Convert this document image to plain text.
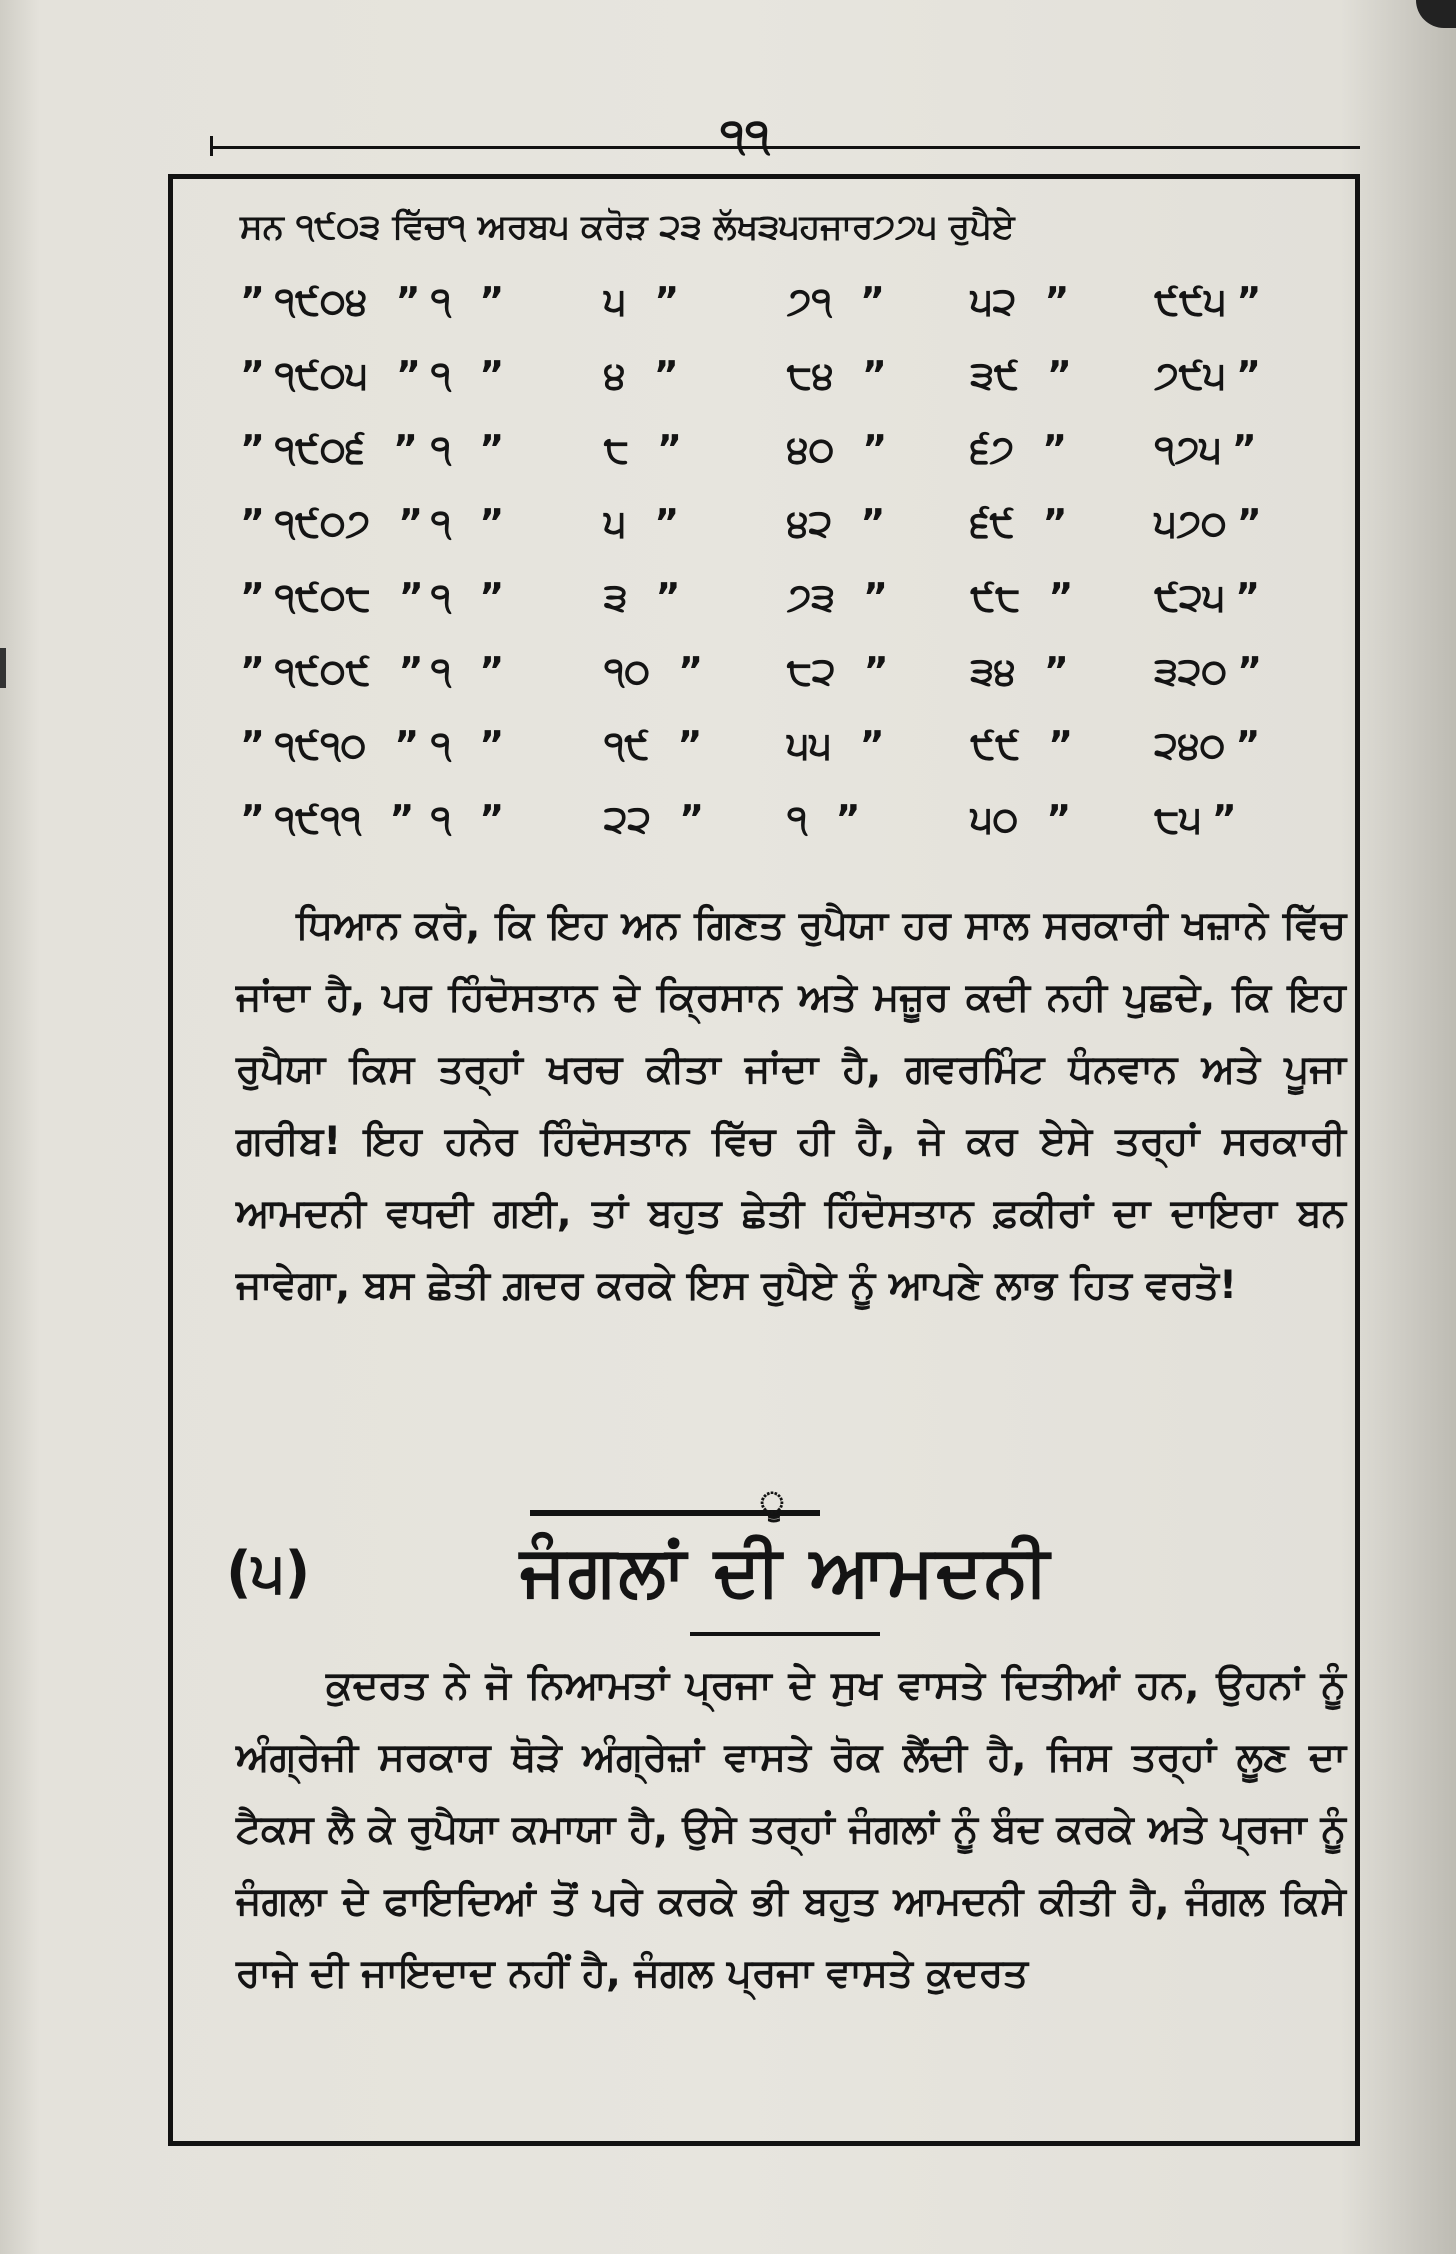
੧੧
ਸਨ ੧੯੦੩ ਵਿੱਚ੧ ਅਰਬ੫ ਕਰੋੜ ੨੩ ਲੱਖ੩੫ਹਜਾਰ੭੭੫ ਰੁਪੈਏ						
”	੧੯੦੪ ”	੧ ”	੫ ”	੭੧ ”	੫੨ ”	੯੯੫ ”
”	੧੯੦੫ ”	੧ ”	੪ ”	੮੪ ”	੩੯ ”	੭੯੫ ”
”	੧੯੦੬ ”	੧ ”	੮ ”	੪੦ ”	੬੭ ”	੧੭੫ ”
”	੧੯੦੭ ”	੧ ”	੫ ”	੪੨ ”	੬੯ ”	੫੭੦ ”
”	੧੯੦੮ ”	੧ ”	੩ ”	੭੩ ”	੯੮ ”	੯੨੫ ”
”	੧੯੦੯ ”	੧ ”	੧੦ ”	੮੨ ”	੩੪ ”	੩੨੦ ”
”	੧੯੧੦ ”	੧ ”	੧੯ ”	੫੫ ”	੯੯ ”	੨੪੦ ”
”	੧੯੧੧ ”	੧ ”	੨੨ ”	੧ ”	੫੦ ”	੮੫ ”

ਧਿਆਨ ਕਰੋ, ਕਿ ਇਹ ਅਨ ਗਿਣਤ ਰੁਪੈਯਾ ਹਰ ਸਾਲ ਸਰਕਾਰੀ ਖਜ਼ਾਨੇ ਵਿੱਚ ਜਾਂਦਾ ਹੈ, ਪਰ ਹਿੰਦੋਸਤਾਨ ਦੇ ਕ੍ਰਿਸਾਨ ਅਤੇ ਮਜ਼ੂਰ ਕਦੀ ਨਹੀ ਪੁਛਦੇ, ਕਿ ਇਹ ਰੁਪੈਯਾ ਕਿਸ ਤਰ੍ਹਾਂ ਖਰਚ ਕੀਤਾ ਜਾਂਦਾ ਹੈ, ਗਵਰਮਿੰਟ ਧੰਨਵਾਨ ਅਤੇ ਪੂਜਾ ਗਰੀਬ! ਇਹ ਹਨੇਰ ਹਿੰਦੋਸਤਾਨ ਵਿੱਚ ਹੀ ਹੈ, ਜੇ ਕਰ ਏਸੇ ਤਰ੍ਹਾਂ ਸਰਕਾਰੀ ਆਮਦਨੀ ਵਧਦੀ ਗਈ, ਤਾਂ ਬਹੁਤ ਛੇਤੀ ਹਿੰਦੋਸਤਾਨ ਫ਼ਕੀਰਾਂ ਦਾ ਦਾਇਰਾ ਬਨ ਜਾਵੇਗਾ, ਬਸ ਛੇਤੀ ਗ਼ਦਰ ਕਰਕੇ ਇਸ ਰੁਪੈਏ ਨੂੰ ਆਪਣੇ ਲਾਭ ਹਿਤ ਵਰਤੋ!

ੂ
(੫)	ਜੰਗਲਾਂ ਦੀ ਆਮਦਨੀ

ਕੁਦਰਤ ਨੇ ਜੋ ਨਿਆਮਤਾਂ ਪ੍ਰਜਾ ਦੇ ਸੁਖ ਵਾਸਤੇ ਦਿਤੀਆਂ ਹਨ, ਉਹਨਾਂ ਨੂੰ ਅੰਗ੍ਰੇਜੀ ਸਰਕਾਰ ਥੋੜੇ ਅੰਗ੍ਰੇਜ਼ਾਂ ਵਾਸਤੇ ਰੋਕ ਲੈਂਦੀ ਹੈ, ਜਿਸ ਤਰ੍ਹਾਂ ਲੂਣ ਦਾ ਟੈਕਸ ਲੈ ਕੇ ਰੁਪੈਯਾ ਕਮਾਯਾ ਹੈ, ਉਸੇ ਤਰ੍ਹਾਂ ਜੰਗਲਾਂ ਨੂੰ ਬੰਦ ਕਰਕੇ ਅਤੇ ਪ੍ਰਜਾ ਨੂੰ ਜੰਗਲਾ ਦੇ ਫਾਇਦਿਆਂ ਤੋਂ ਪਰੇ ਕਰਕੇ ਭੀ ਬਹੁਤ ਆਮਦਨੀ ਕੀਤੀ ਹੈ, ਜੰਗਲ ਕਿਸੇ ਰਾਜੇ ਦੀ ਜਾਇਦਾਦ ਨਹੀਂ ਹੈ, ਜੰਗਲ ਪ੍ਰਜਾ ਵਾਸਤੇ ਕੁਦਰਤ
